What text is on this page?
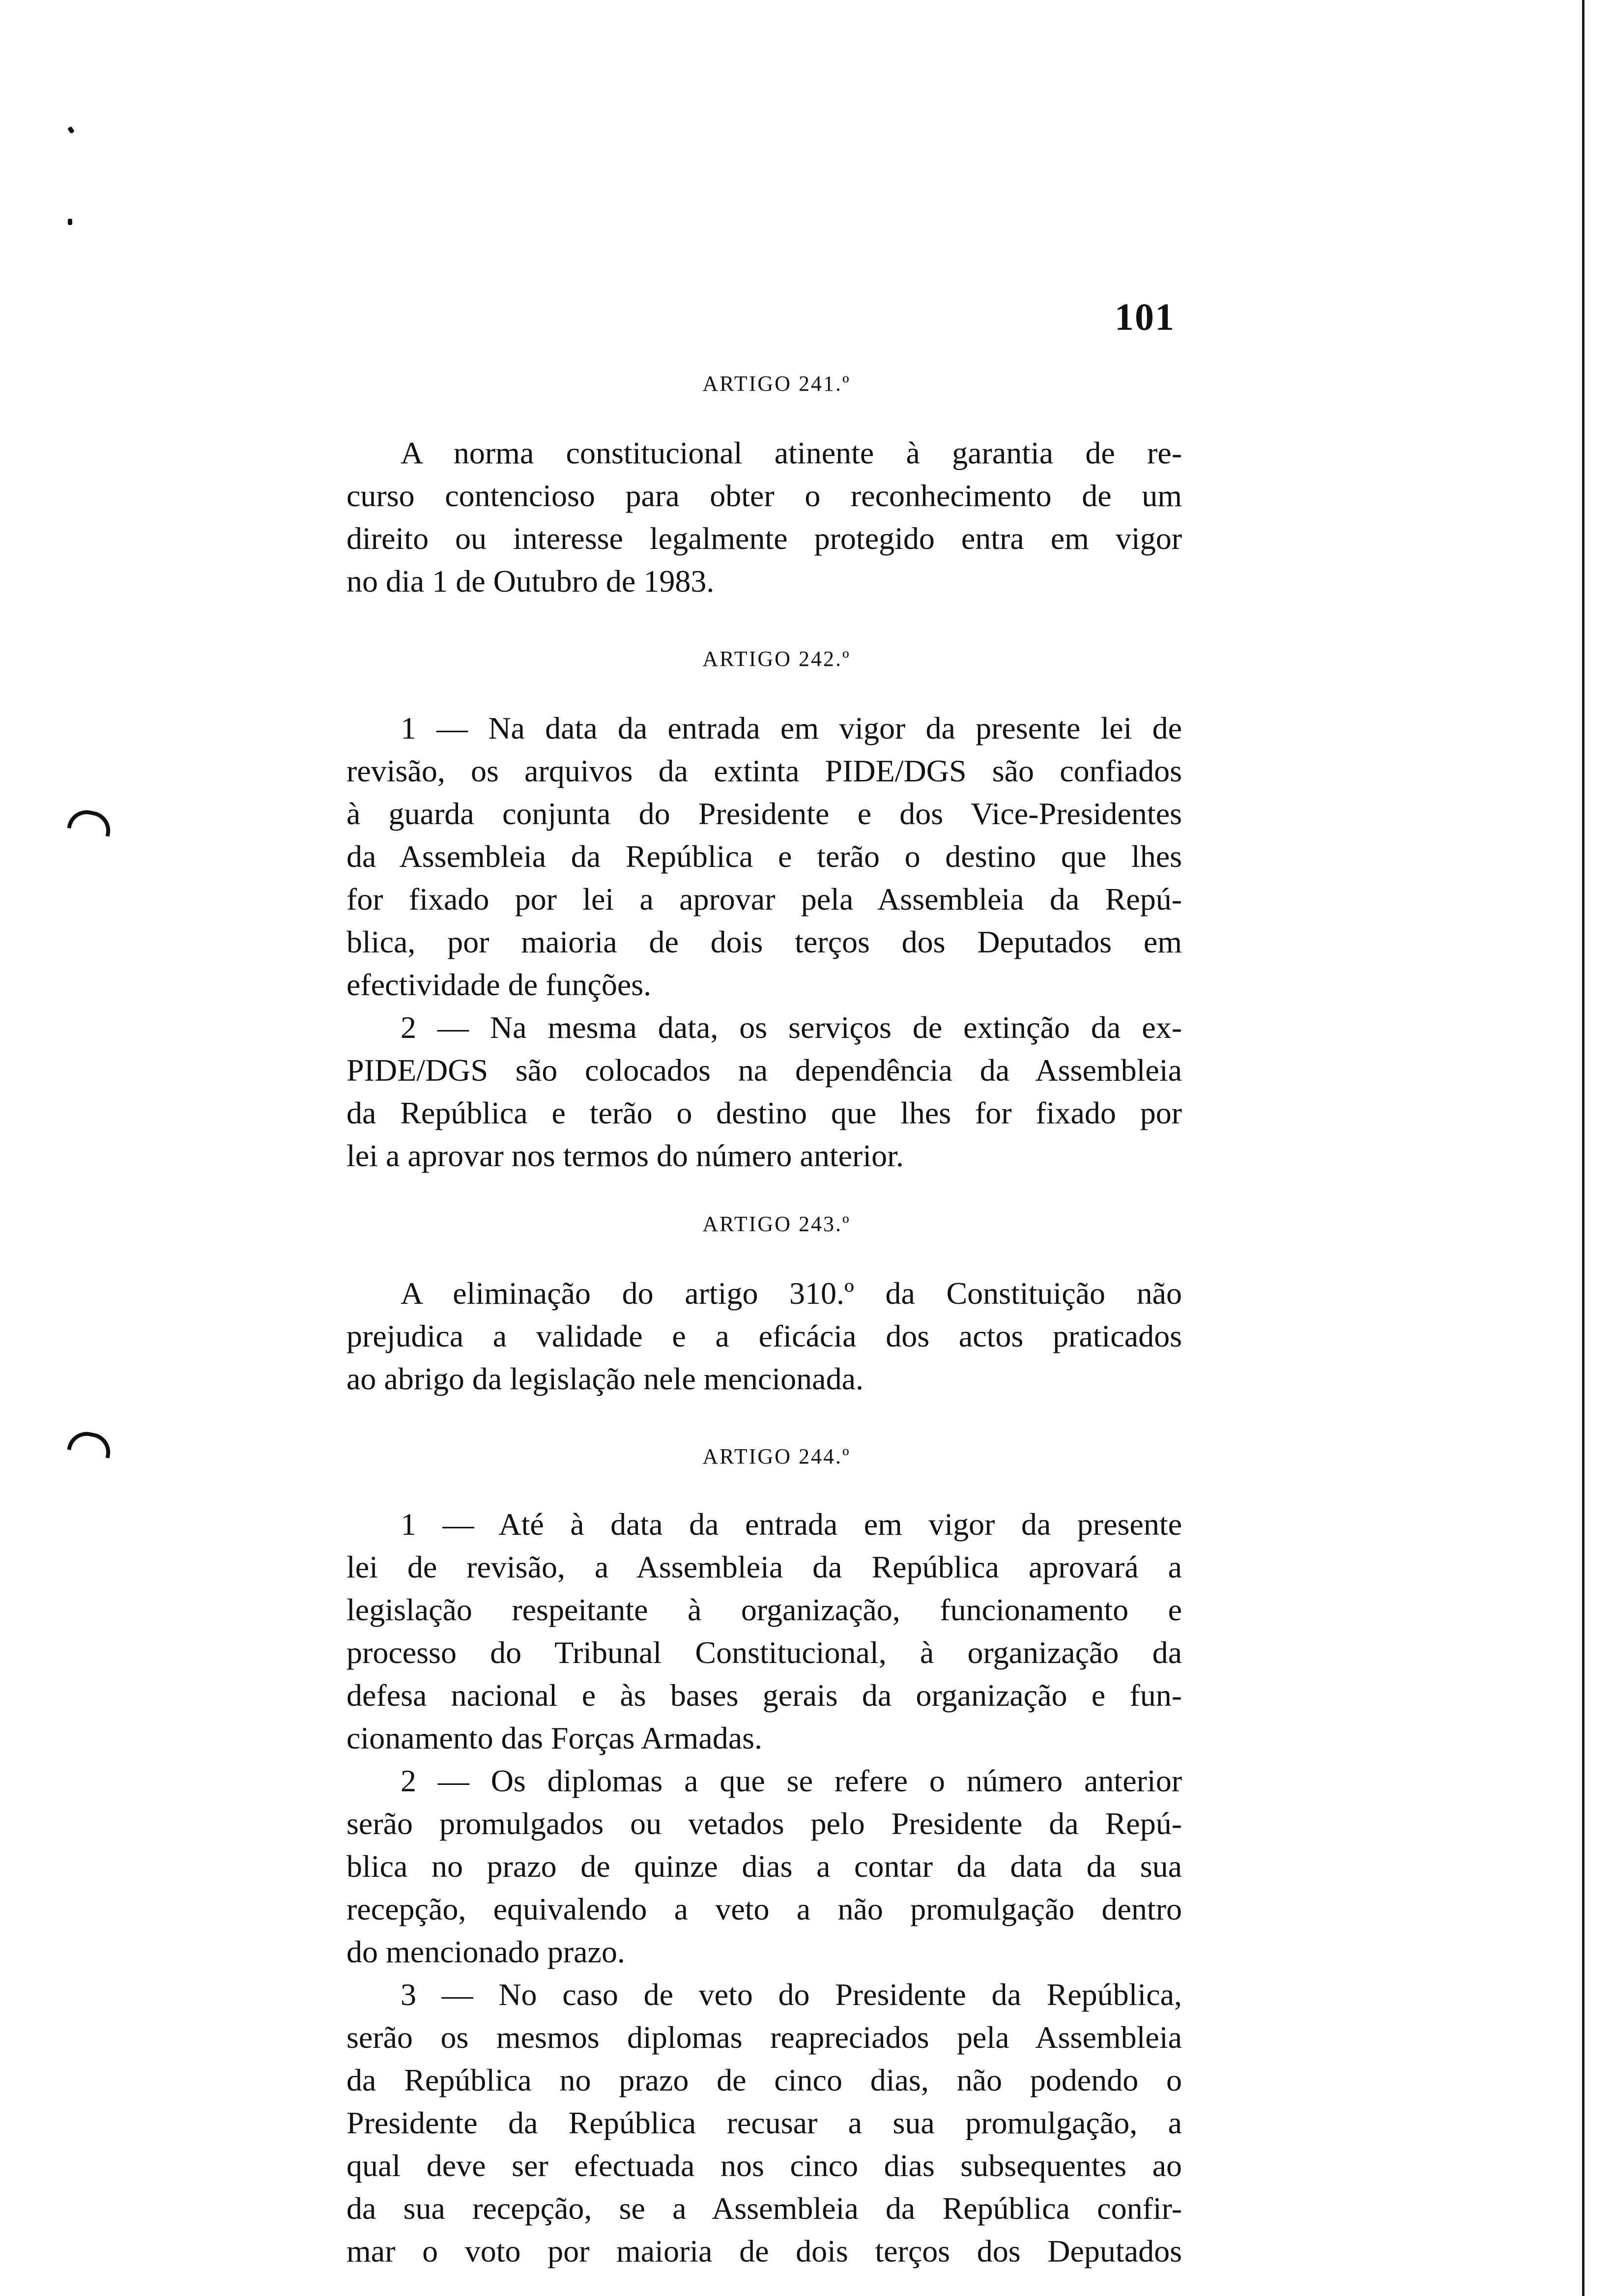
101
ARTIGO 241.º
A norma constitucional atinente à garantia de re-
curso contencioso para obter o reconhecimento de um
direito ou interesse legalmente protegido entra em vigor
no dia 1 de Outubro de 1983.
ARTIGO 242.º
1 — Na data da entrada em vigor da presente lei de
revisão, os arquivos da extinta PIDE/DGS são confiados
à guarda conjunta do Presidente e dos Vice-Presidentes
da Assembleia da República e terão o destino que lhes
for fixado por lei a aprovar pela Assembleia da Repú-
blica, por maioria de dois terços dos Deputados em
efectividade de funções.
2 — Na mesma data, os serviços de extinção da ex-
PIDE/DGS são colocados na dependência da Assembleia
da República e terão o destino que lhes for fixado por
lei a aprovar nos termos do número anterior.
ARTIGO 243.º
A eliminação do artigo 310.º da Constituição não
prejudica a validade e a eficácia dos actos praticados
ao abrigo da legislação nele mencionada.
ARTIGO 244.º
1 — Até à data da entrada em vigor da presente
lei de revisão, a Assembleia da República aprovará a
legislação respeitante à organização, funcionamento e
processo do Tribunal Constitucional, à organização da
defesa nacional e às bases gerais da organização e fun-
cionamento das Forças Armadas.
2 — Os diplomas a que se refere o número anterior
serão promulgados ou vetados pelo Presidente da Repú-
blica no prazo de quinze dias a contar da data da sua
recepção, equivalendo a veto a não promulgação dentro
do mencionado prazo.
3 — No caso de veto do Presidente da República,
serão os mesmos diplomas reapreciados pela Assembleia
da República no prazo de cinco dias, não podendo o
Presidente da República recusar a sua promulgação, a
qual deve ser efectuada nos cinco dias subsequentes ao
da sua recepção, se a Assembleia da República confir-
mar o voto por maioria de dois terços dos Deputados
